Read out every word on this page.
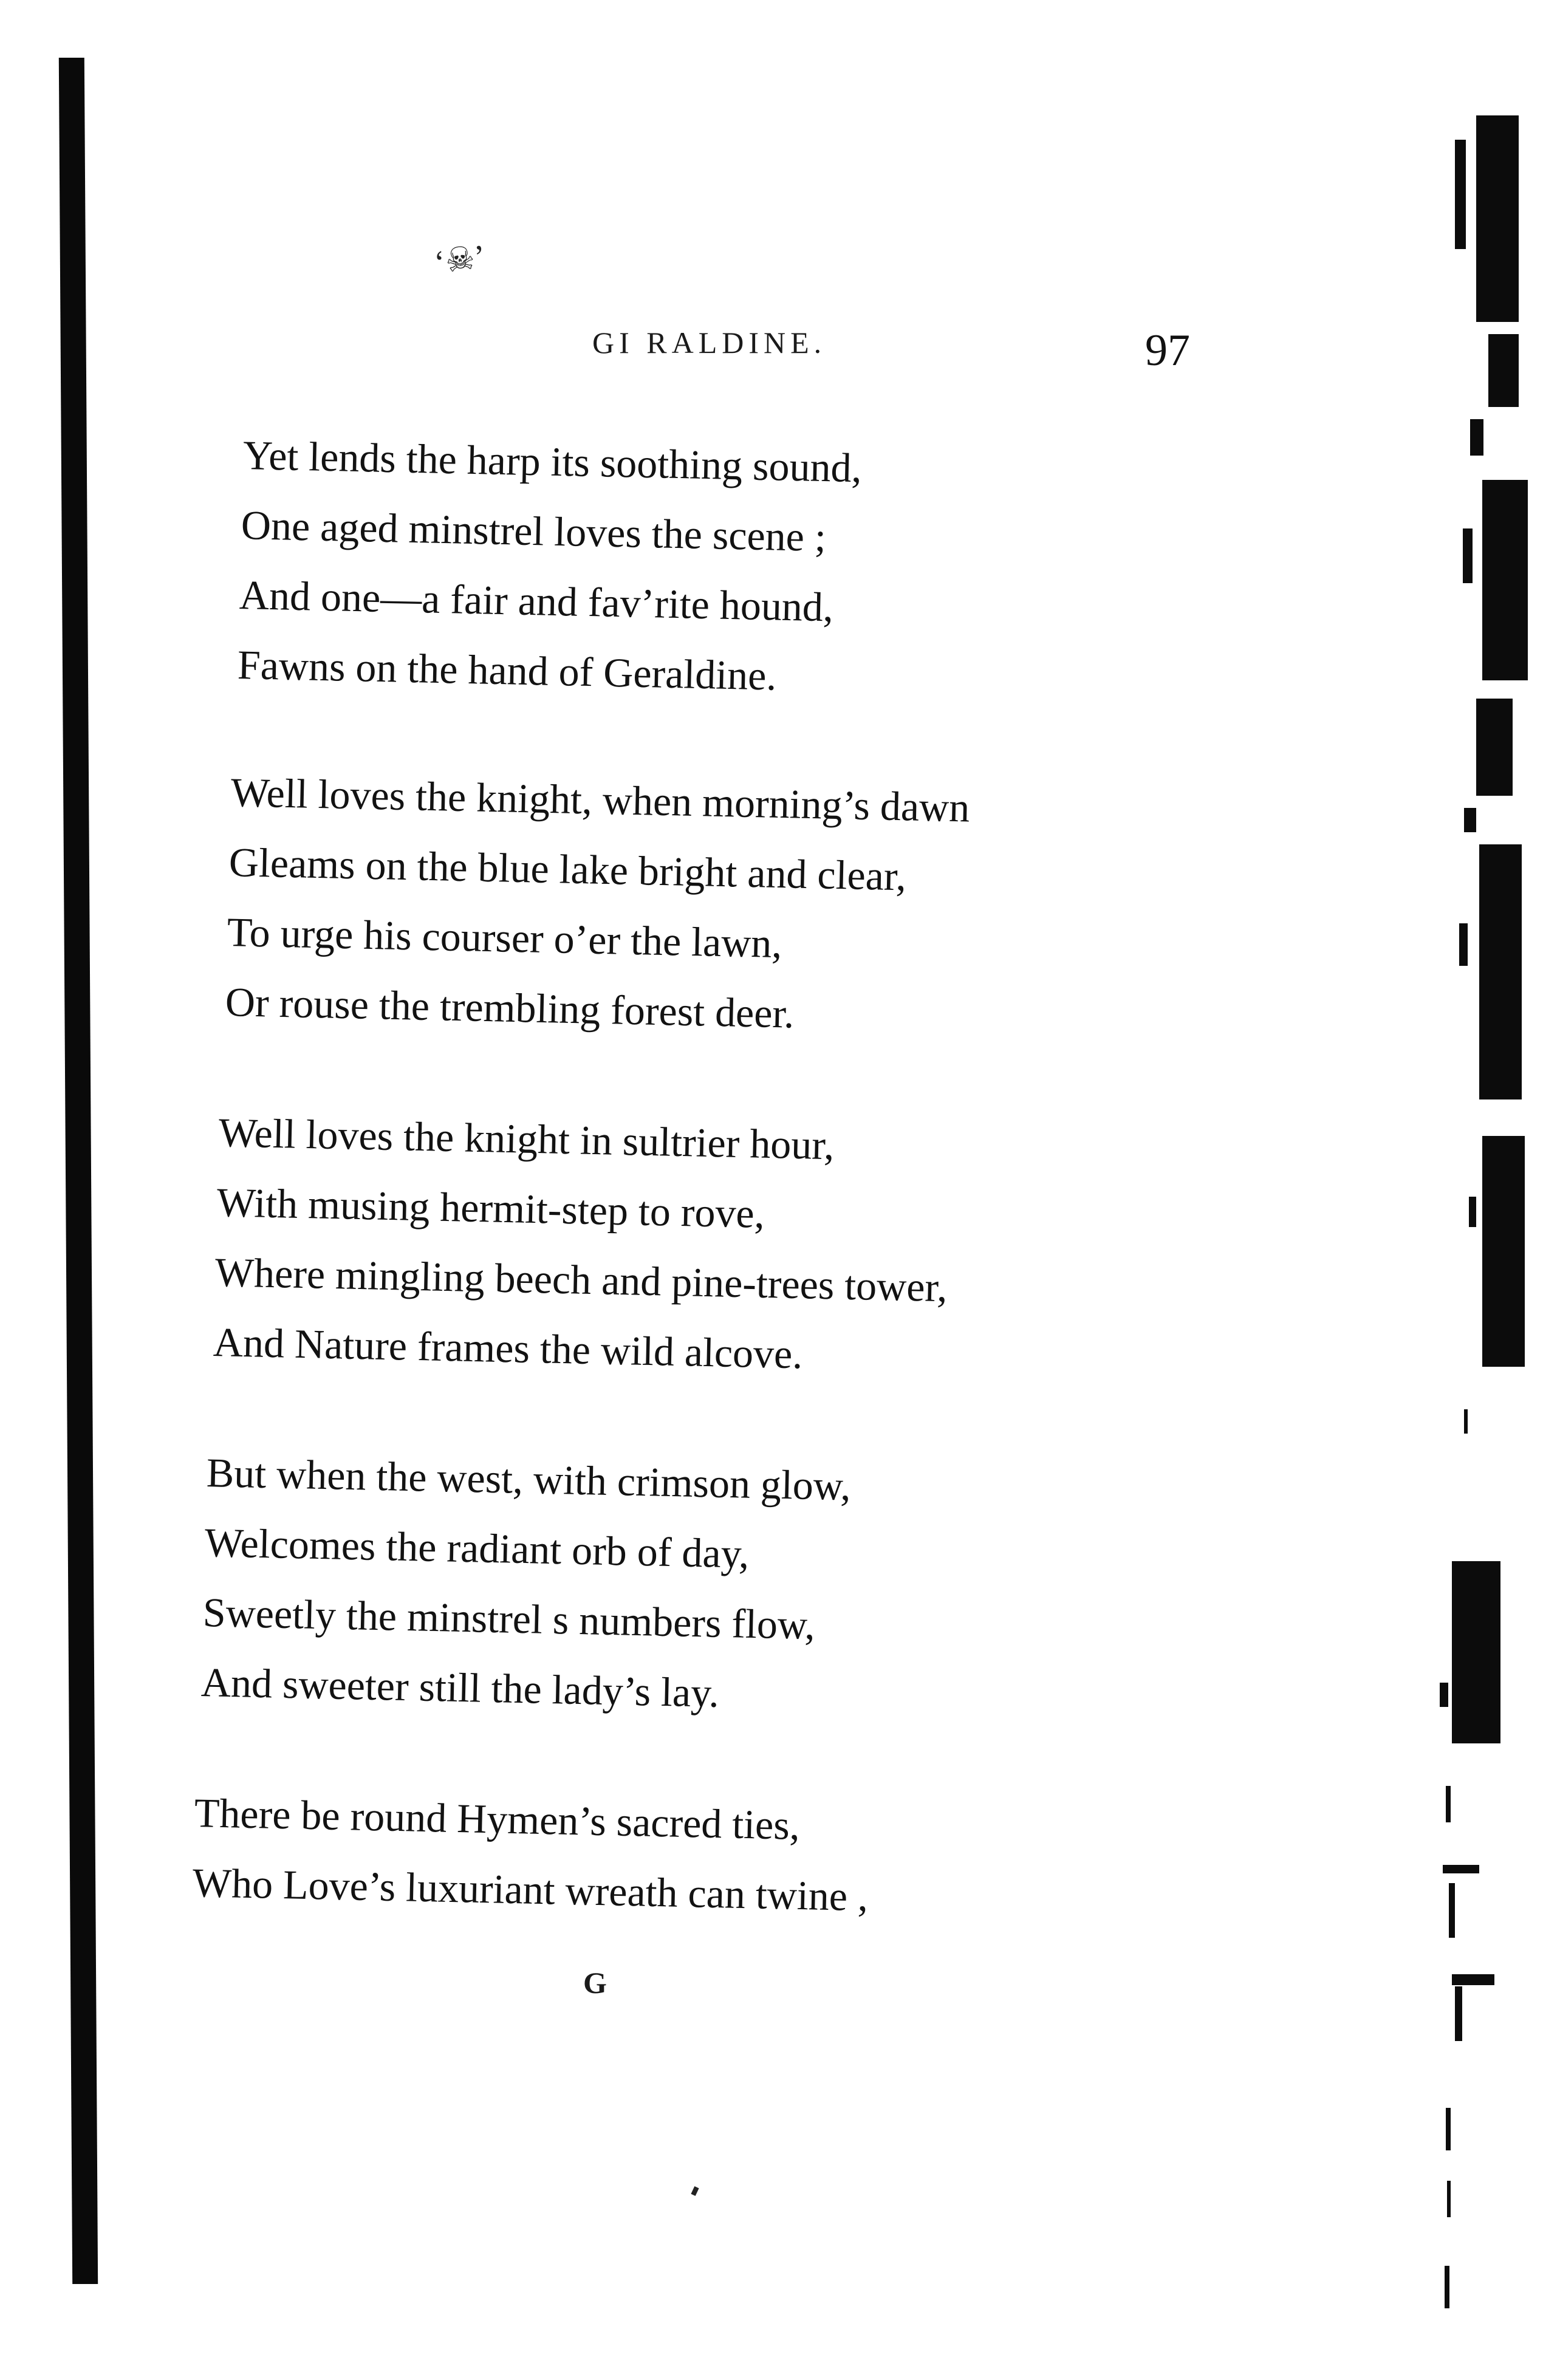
‘☠’
GI RALDINE.	97
Yet lends the harp its soothing sound,
One aged minstrel loves the scene ;
And one—a fair and fav’rite hound,
Fawns on the hand of Geraldine.
Well loves the knight, when morning’s dawn
Gleams on the blue lake bright and clear,
To urge his courser o’er the lawn,
Or rouse the trembling forest deer.
Well loves the knight in sultrier hour,
With musing hermit-step to rove,
Where mingling beech and pine-trees tower,
And Nature frames the wild alcove.
But when the west, with crimson glow,
Welcomes the radiant orb of day,
Sweetly the minstrel s numbers flow,
And sweeter still the lady’s lay.
There be round Hymen’s sacred ties,
Who Love’s luxuriant wreath can twine ,
G
